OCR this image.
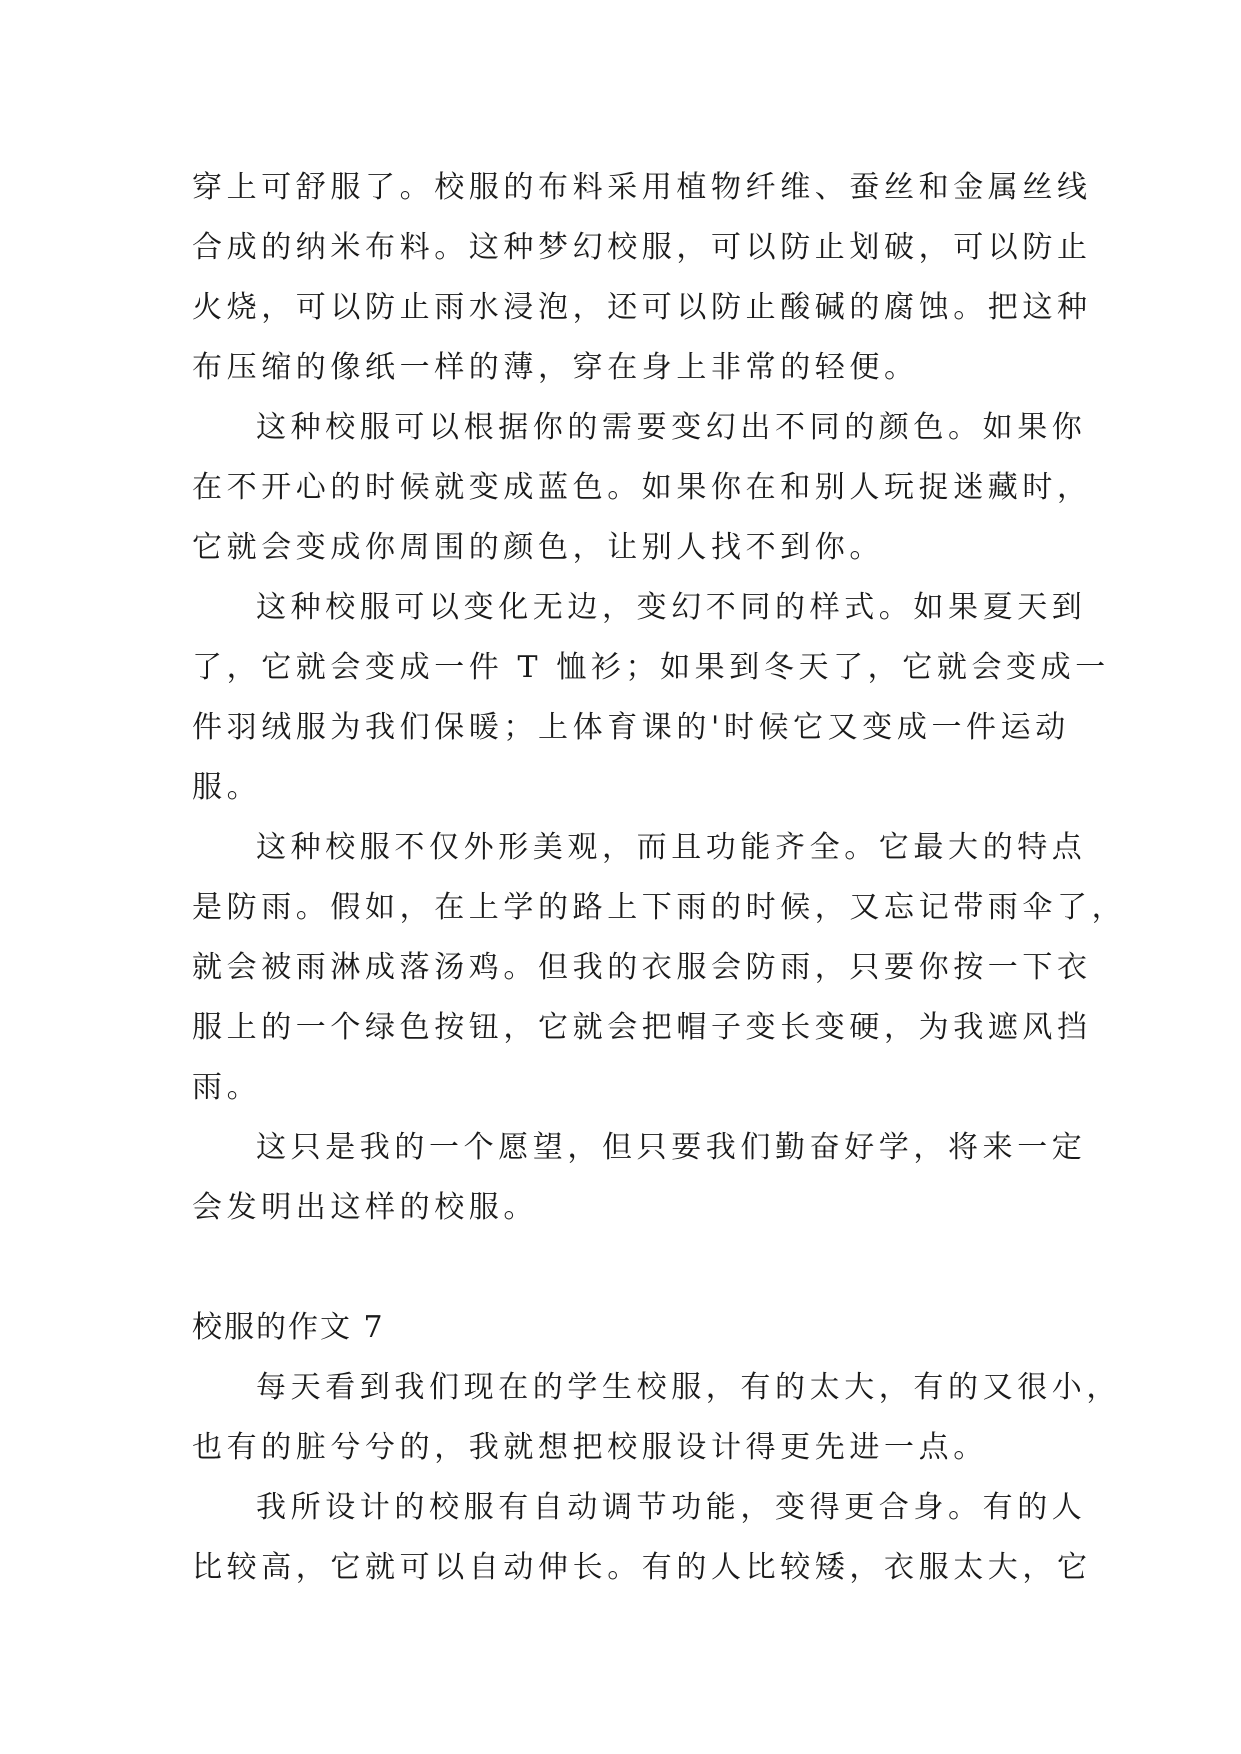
穿上可舒服了。校服的布料采用植物纤维、蚕丝和金属丝线
合成的纳米布料。这种梦幻校服，可以防止划破，可以防止
火烧，可以防止雨水浸泡，还可以防止酸碱的腐蚀。把这种
布压缩的像纸一样的薄，穿在身上非常的轻便。
这种校服可以根据你的需要变幻出不同的颜色。如果你
在不开心的时候就变成蓝色。如果你在和别人玩捉迷藏时，
它就会变成你周围的颜色，让别人找不到你。
这种校服可以变化无边，变幻不同的样式。如果夏天到
了，它就会变成一件 T 恤衫；如果到冬天了，它就会变成一
件羽绒服为我们保暖；上体育课的'时候它又变成一件运动
服。
这种校服不仅外形美观，而且功能齐全。它最大的特点
是防雨。假如，在上学的路上下雨的时候，又忘记带雨伞了，
就会被雨淋成落汤鸡。但我的衣服会防雨，只要你按一下衣
服上的一个绿色按钮，它就会把帽子变长变硬，为我遮风挡
雨。
这只是我的一个愿望，但只要我们勤奋好学，将来一定
会发明出这样的校服。
校服的作文 7
每天看到我们现在的学生校服，有的太大，有的又很小，
也有的脏兮兮的，我就想把校服设计得更先进一点。
我所设计的校服有自动调节功能，变得更合身。有的人
比较高，它就可以自动伸长。有的人比较矮，衣服太大，它
